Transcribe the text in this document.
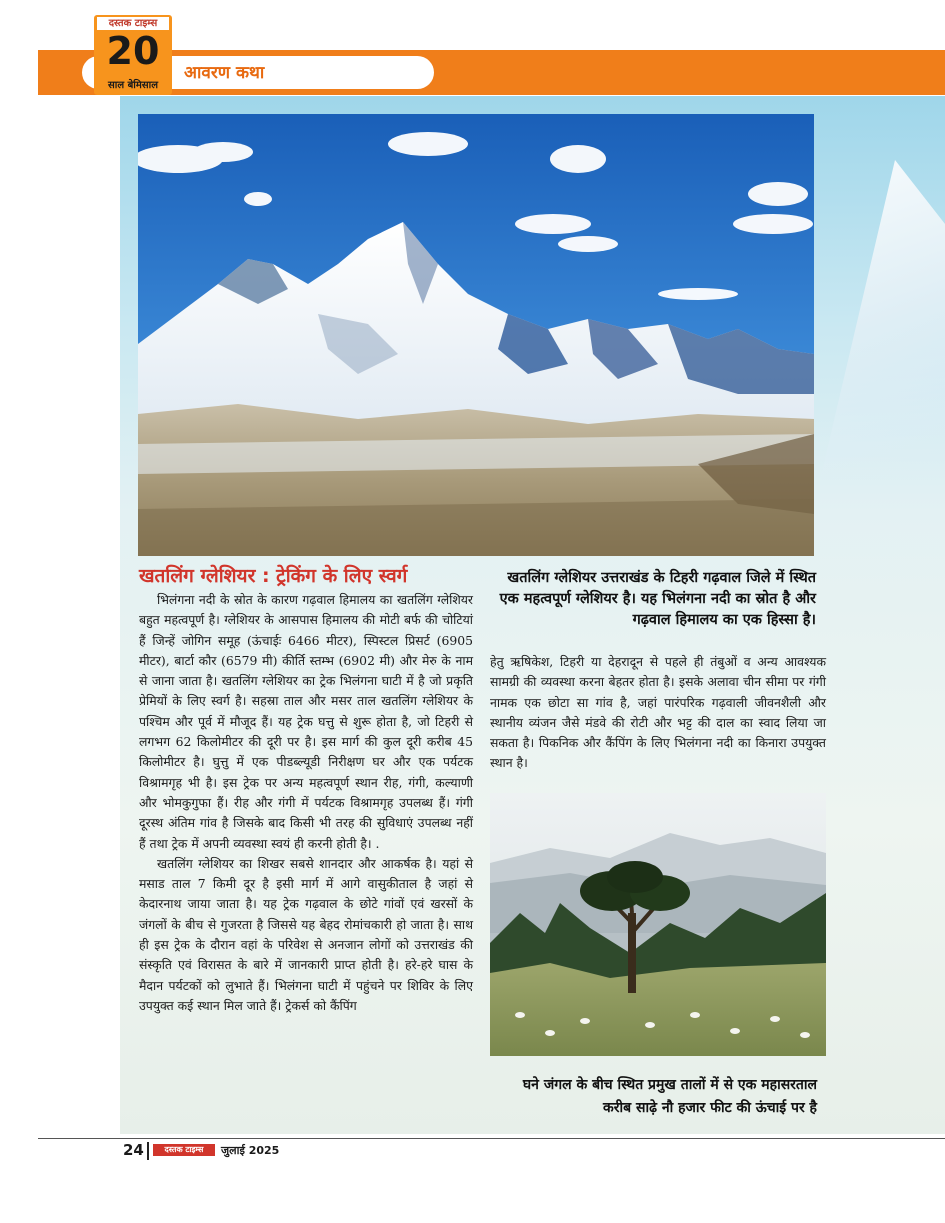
आवरण कथा
दस्तक टाइम्स
20
साल बेमिसाल
खतलिंग ग्लेशियर : ट्रेकिंग के लिए स्वर्ग	खतलिंग ग्लेशियर उत्तराखंड के टिहरी गढ़वाल जिले में स्थित एक महत्वपूर्ण ग्लेशियर है। यह भिलंगना नदी का स्रोत है और गढ़वाल हिमालय का एक हिस्सा है।

भिलंगना नदी के स्रोत के कारण गढ़वाल हिमालय का खतलिंग ग्लेशियर बहुत महत्वपूर्ण है। ग्लेशियर के आसपास हिमालय की मोटी बर्फ की चोटियां हैं जिन्हें जोगिन समूह (ऊंचाईः 6466 मीटर), स्पिस्टल प्रिसर्ट (6905 मीटर), बार्टा कौर (6579 मी) कीर्ति स्तम्भ (6902 मी) और मेरु के नाम से जाना जाता है। खतलिंग ग्लेशियर का ट्रेक भिलंगना घाटी में है जो प्रकृति प्रेमियों के लिए स्वर्ग है। सहस्रा ताल और मसर ताल खतलिंग ग्लेशियर के पश्चिम और पूर्व में मौजूद हैं। यह ट्रेक घत्तु से शुरू होता है, जो टिहरी से लगभग 62 किलोमीटर की दूरी पर है। इस मार्ग की कुल दूरी करीब 45 किलोमीटर है। घुत्तु में एक पीडब्ल्यूडी निरीक्षण घर और एक पर्यटक विश्रामगृह भी है। इस ट्रेक पर अन्य महत्वपूर्ण स्थान रीह, गंगी, कल्याणी और भोमकुगुफा हैं। रीह और गंगी में पर्यटक विश्रामगृह उपलब्ध हैं। गंगी दूरस्थ अंतिम गांव है जिसके बाद किसी भी तरह की सुविधाएं उपलब्ध नहीं हैं तथा ट्रेक में अपनी व्यवस्था स्वयं ही करनी होती है। .

खतलिंग ग्लेशियर का शिखर सबसे शानदार और आकर्षक है। यहां से मसाड ताल 7 किमी दूर है इसी मार्ग में आगे वासुकीताल है जहां से केदारनाथ जाया जाता है। यह ट्रेक गढ़वाल के छोटे गांवों एवं खरसों के जंगलों के बीच से गुजरता है जिससे यह बेहद रोमांचकारी हो जाता है। साथ ही इस ट्रेक के दौरान वहां के परिवेश से अनजान लोगों को उत्तराखंड की संस्कृति एवं विरासत के बारे में जानकारी प्राप्त होती है। हरे-हरे घास के मैदान पर्यटकों को लुभाते हैं। भिलंगना घाटी में पहुंचने पर शिविर के लिए उपयुक्त कई स्थान मिल जाते हैं। ट्रेकर्स को कैंपिंग

हेतु ऋषिकेश, टिहरी या देहरादून से पहले ही तंबुओं व अन्य आवश्यक सामग्री की व्यवस्था करना बेहतर होता है। इसके अलावा चीन सीमा पर गंगी नामक एक छोटा सा गांव है, जहां पारंपरिक गढ़वाली जीवनशैली और स्थानीय व्यंजन जैसे मंडवे की रोटी और भट्ट की दाल का स्वाद लिया जा सकता है। पिकनिक और कैंपिंग के लिए भिलंगना नदी का किनारा उपयुक्त स्थान है।

घने जंगल के बीच स्थित प्रमुख तालों में से एक महासरताल करीब साढ़े नौ हजार फीट की ऊंचाई पर है
24	दस्तक टाइम्स	जुलाई 2025
